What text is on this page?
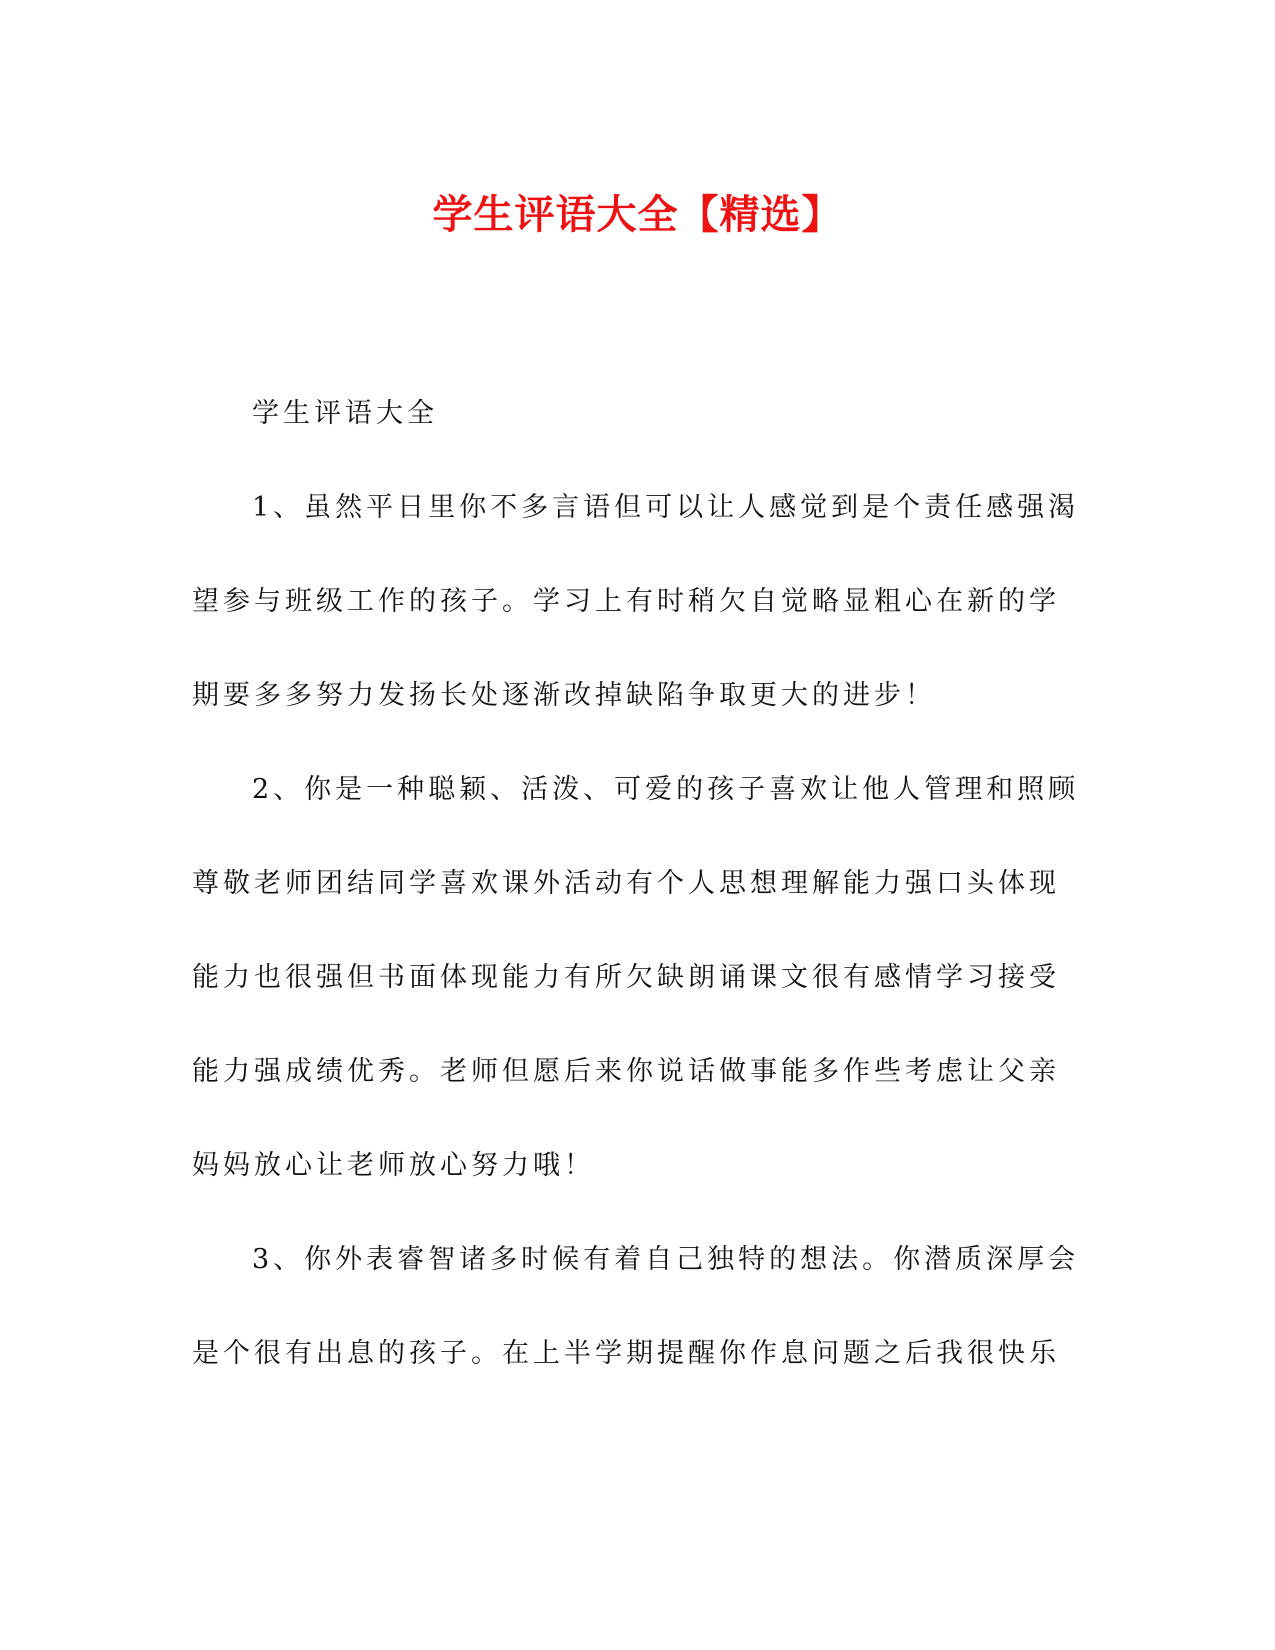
学生评语大全【精选】

学生评语大全

1、虽然平日里你不多言语但可以让人感觉到是个责任感强渴
望参与班级工作的孩子。学习上有时稍欠自觉略显粗心在新的学
期要多多努力发扬长处逐渐改掉缺陷争取更大的进步！
2、你是一种聪颖、活泼、可爱的孩子喜欢让他人管理和照顾
尊敬老师团结同学喜欢课外活动有个人思想理解能力强口头体现
能力也很强但书面体现能力有所欠缺朗诵课文很有感情学习接受
能力强成绩优秀。老师但愿后来你说话做事能多作些考虑让父亲
妈妈放心让老师放心努力哦！
3、你外表睿智诸多时候有着自己独特的想法。你潜质深厚会
是个很有出息的孩子。在上半学期提醒你作息问题之后我很快乐
